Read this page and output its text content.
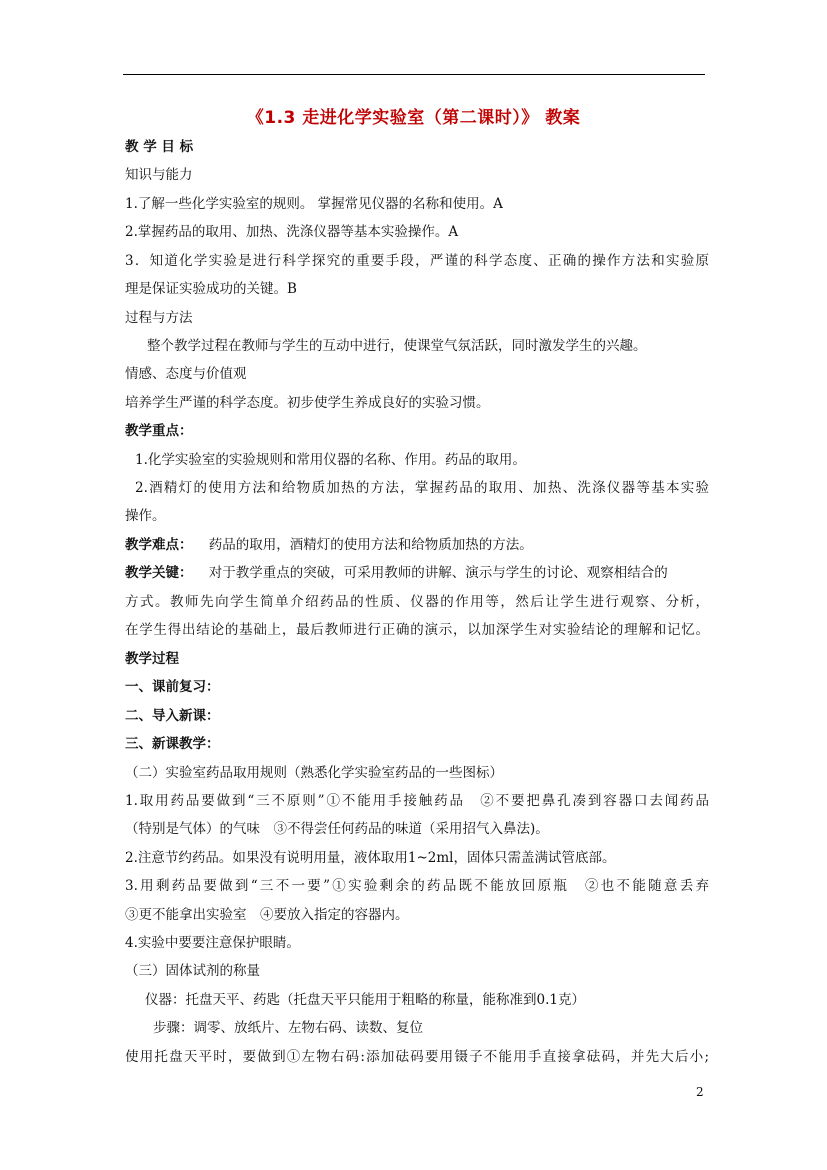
《1.3 走进化学实验室（第二课时）》 教案
教 学 目 标
知识与能力
1.了解一些化学实验室的规则。 掌握常见仪器的名称和使用。A
2.掌握药品的取用、加热、洗涤仪器等基本实验操作。A
3．知道化学实验是进行科学探究的重要手段，严谨的科学态度、正确的操作方法和实验原
理是保证实验成功的关键。B
过程与方法
整个教学过程在教师与学生的互动中进行，使课堂气氛活跃，同时激发学生的兴趣。
情感、态度与价值观
培养学生严谨的科学态度。初步使学生养成良好的实验习惯。
教学重点：
1.化学实验室的实验规则和常用仪器的名称、作用。药品的取用。
2.酒精灯的使用方法和给物质加热的方法，掌握药品的取用、加热、洗涤仪器等基本实验
操作。
教学难点： 药品的取用，酒精灯的使用方法和给物质加热的方法。
教学关键： 对于教学重点的突破，可采用教师的讲解、演示与学生的讨论、观察相结合的
方式。教师先向学生简单介绍药品的性质、仪器的作用等，然后让学生进行观察、分析，
在学生得出结论的基础上，最后教师进行正确的演示，以加深学生对实验结论的理解和记忆。
教学过程
一、课前复习：
二、导入新课：
三、新课教学：
（二）实验室药品取用规则（熟悉化学实验室药品的一些图标）
1.取用药品要做到“三不原则”①不能用手接触药品　②不要把鼻孔凑到容器口去闻药品
（特别是气体）的气味　③不得尝任何药品的味道（采用招气入鼻法)。
2.注意节约药品。如果没有说明用量，液体取用1~2ml，固体只需盖满试管底部。
3.用剩药品要做到“三不一要”①实验剩余的药品既不能放回原瓶　②也不能随意丢弃
③更不能拿出实验室　④要放入指定的容器内。
4.实验中要要注意保护眼睛。
（三）固体试剂的称量
仪器：托盘天平、药匙（托盘天平只能用于粗略的称量，能称准到0.1克）
步骤：调零、放纸片、左物右码、读数、复位
使用托盘天平时，要做到①左物右码:添加砝码要用镊子不能用手直接拿砝码，并先大后小;
2
